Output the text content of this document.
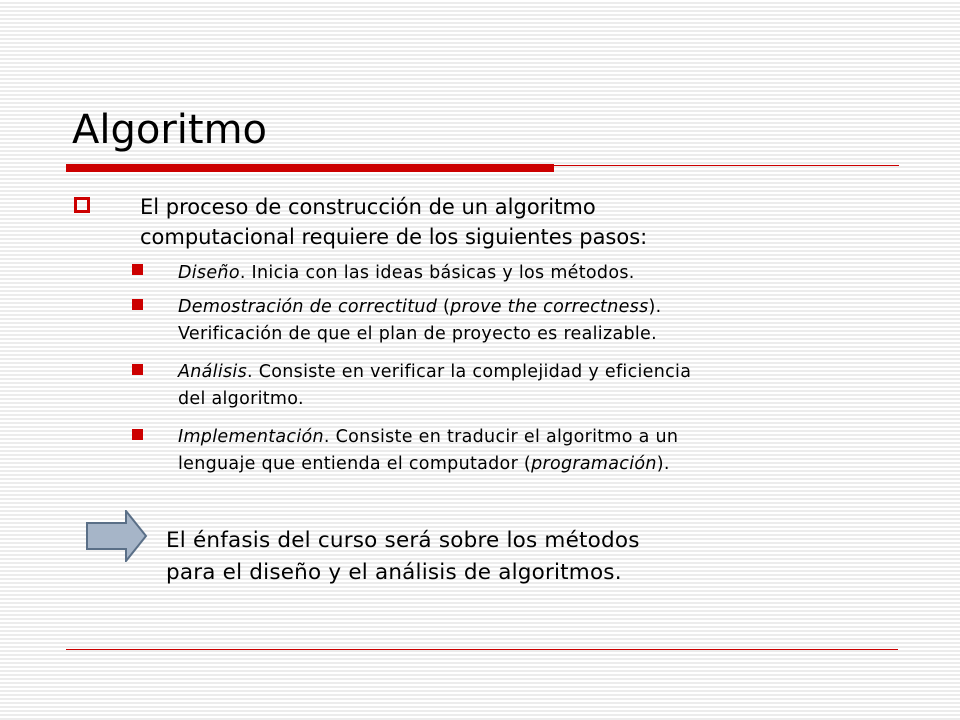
Algoritmo

El proceso de construcción de un algoritmo
computacional requiere de los siguientes pasos:

Diseño. Inicia con las ideas básicas y los métodos.

Demostración de correctitud (prove the correctness).
Verificación de que el plan de proyecto es realizable.

Análisis. Consiste en verificar la complejidad y eficiencia
del algoritmo.

Implementación. Consiste en traducir el algoritmo a un
lenguaje que entienda el computador (programación).

El énfasis del curso será sobre los métodos
para el diseño y el análisis de algoritmos.
